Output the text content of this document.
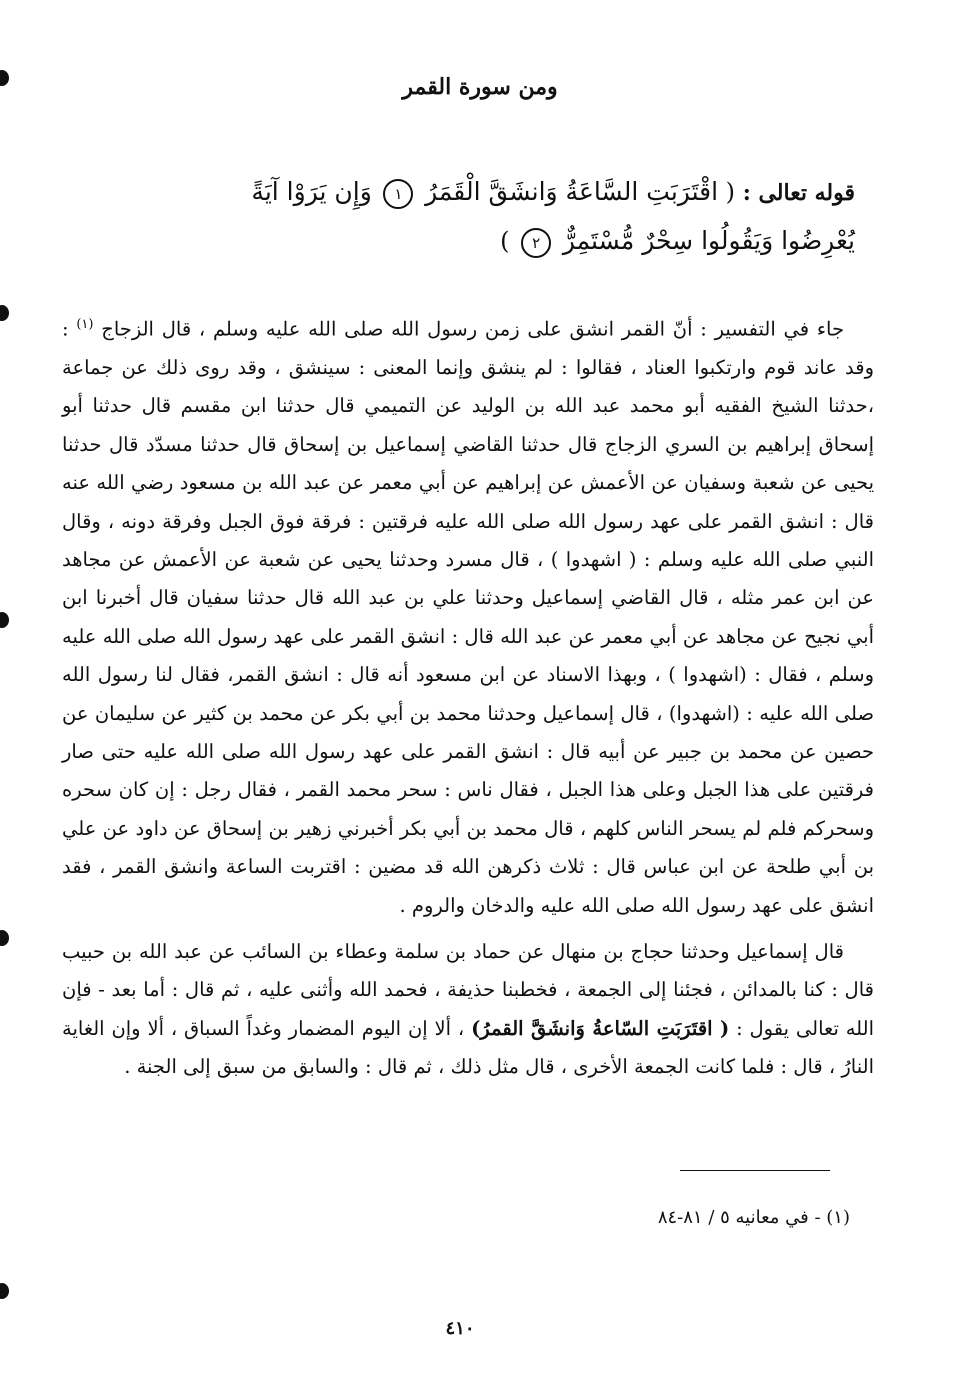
ومن سورة القمر
قوله تعالى : ( اقْتَرَبَتِ السَّاعَةُ وَانشَقَّ الْقَمَرُ ١ وَإِن يَرَوْا آيَةً يُعْرِضُوا وَيَقُولُوا سِحْرٌ مُّسْتَمِرٌّ ٢ )

جاء في التفسير : أنّ القمر انشق على زمن رسول الله صلى الله عليه وسلم ، قال الزجاج $^{(١)}$ : وقد عاند قوم وارتكبوا العناد ، فقالوا : لم ينشق وإنما المعنى : سينشق ، وقد روى ذلك عن جماعة ،حدثنا الشيخ الفقيه أبو محمد عبد الله بن الوليد عن التميمي قال حدثنا ابن مقسم قال حدثنا أبو إسحاق إبراهيم بن السري الزجاج قال حدثنا القاضي إسماعيل بن إسحاق قال حدثنا مسدّد قال حدثنا يحيى عن شعبة وسفيان عن الأعمش عن إبراهيم عن أبي معمر عن عبد الله بن مسعود رضي الله عنه قال : انشق القمر على عهد رسول الله صلى الله عليه فرقتين : فرقة فوق الجبل وفرقة دونه ، وقال النبي صلى الله عليه وسلم : ( اشهدوا ) ، قال مسرد وحدثنا يحيى عن شعبة عن الأعمش عن مجاهد عن ابن عمر مثله ، قال القاضي إسماعيل وحدثنا علي بن عبد الله قال حدثنا سفيان قال أخبرنا ابن أبي نجيح عن مجاهد عن أبي معمر عن عبد الله قال : انشق القمر على عهد رسول الله صلى الله عليه وسلم ، فقال : (اشهدوا ) ، وبهذا الاسناد عن ابن مسعود أنه قال : انشق القمر، فقال لنا رسول الله صلى الله عليه : (اشهدوا) ، قال إسماعيل وحدثنا محمد بن أبي بكر عن محمد بن كثير عن سليمان عن حصين عن محمد بن جبير عن أبيه قال : انشق القمر على عهد رسول الله صلى الله عليه حتى صار فرقتين على هذا الجبل وعلى هذا الجبل ، فقال ناس : سحر محمد القمر ، فقال رجل : إن كان سحره وسحركم فلم لم يسحر الناس كلهم ، قال محمد بن أبي بكر أخبرني زهير بن إسحاق عن داود عن علي بن أبي طلحة عن ابن عباس قال : ثلاث ذكرهن الله قد مضين : اقتربت الساعة وانشق القمر ، فقد انشق على عهد رسول الله صلى الله عليه والدخان والروم .

قال إسماعيل وحدثنا حجاج بن منهال عن حماد بن سلمة وعطاء بن السائب عن عبد الله بن حبيب قال : كنا بالمدائن ، فجئنا إلى الجمعة ، فخطبنا حذيفة ، فحمد الله وأثنى عليه ، ثم قال : أما بعد - فإن الله تعالى يقول : ( اقتَرَبَتِ السّاعةُ وَانشَقَّ القمرُ) ، ألا إن اليوم المضمار وغداً السباق ، ألا وإن الغاية النارُ ، قال : فلما كانت الجمعة الأخرى ، قال مثل ذلك ، ثم قال : والسابق من سبق إلى الجنة .

(١) - في معانيه ٥ / ٨١-٨٤
٤١٠
